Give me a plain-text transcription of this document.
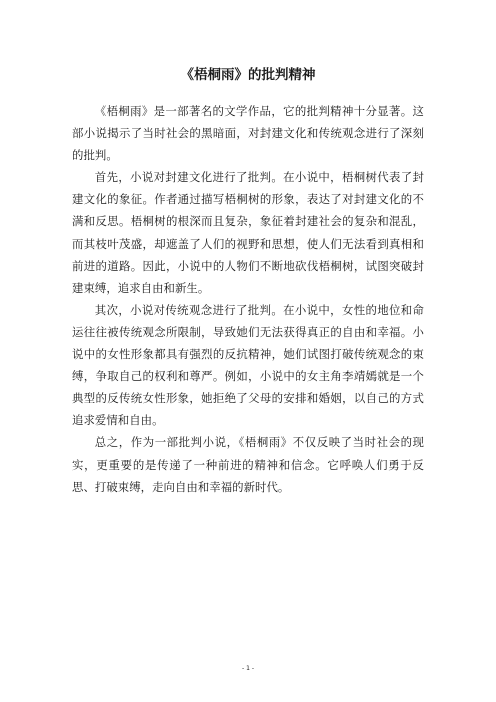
《梧桐雨》的批判精神

《梧桐雨》是一部著名的文学作品，它的批判精神十分显著。这部小说揭示了当时社会的黑暗面，对封建文化和传统观念进行了深刻的批判。

首先，小说对封建文化进行了批判。在小说中，梧桐树代表了封建文化的象征。作者通过描写梧桐树的形象，表达了对封建文化的不满和反思。梧桐树的根深而且复杂，象征着封建社会的复杂和混乱，而其枝叶茂盛，却遮盖了人们的视野和思想，使人们无法看到真相和前进的道路。因此，小说中的人物们不断地砍伐梧桐树，试图突破封建束缚，追求自由和新生。

其次，小说对传统观念进行了批判。在小说中，女性的地位和命运往往被传统观念所限制，导致她们无法获得真正的自由和幸福。小说中的女性形象都具有强烈的反抗精神，她们试图打破传统观念的束缚，争取自己的权利和尊严。例如，小说中的女主角李靖嫣就是一个典型的反传统女性形象，她拒绝了父母的安排和婚姻，以自己的方式追求爱情和自由。

总之，作为一部批判小说，《梧桐雨》不仅反映了当时社会的现实，更重要的是传递了一种前进的精神和信念。它呼唤人们勇于反思、打破束缚，走向自由和幸福的新时代。

- 1 -
